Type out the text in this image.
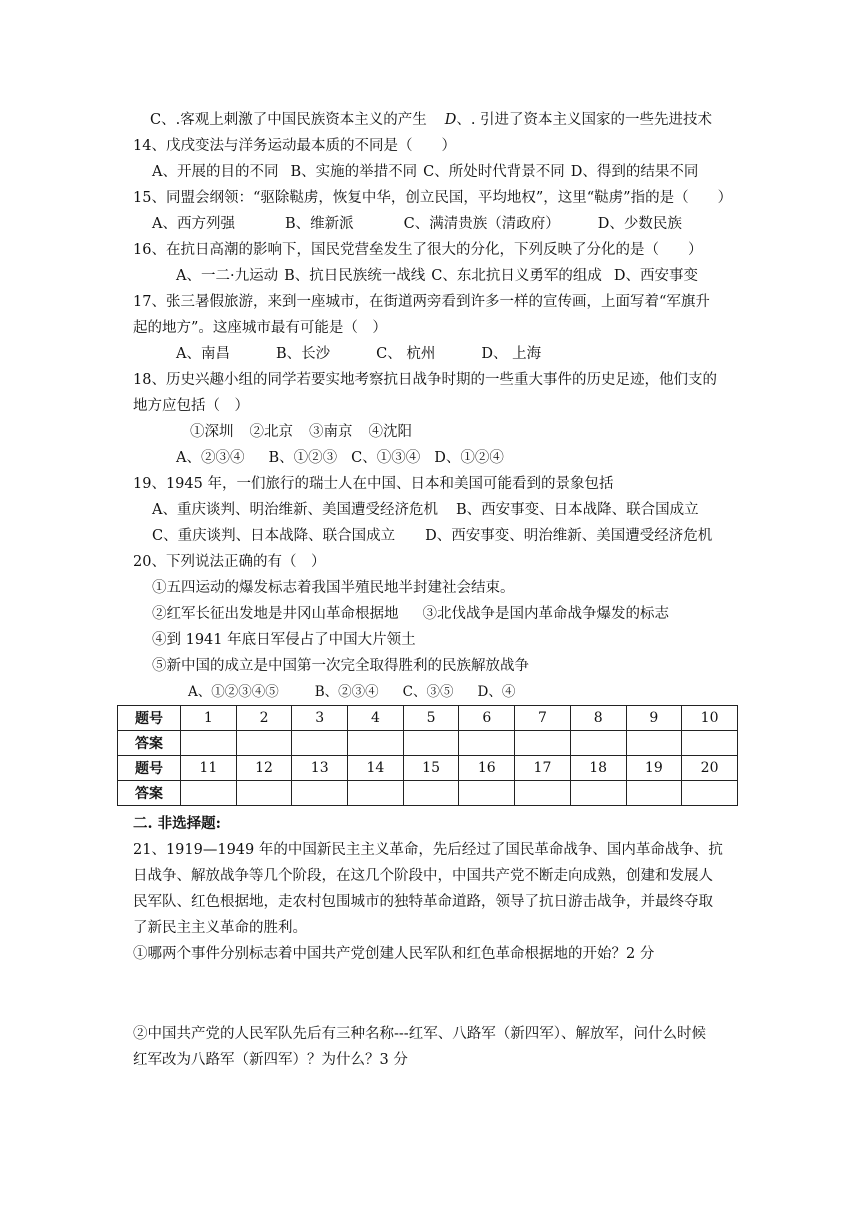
C、.客观上刺激了中国民族资本主义的产生 D、. 引进了资本主义国家的一些先进技术
14、戊戌变法与洋务运动最本质的不同是（　　）
A、开展的目的不同 B、实施的举措不同 C、所处时代背景不同 D、得到的结果不同
15、同盟会纲领：“驱除鞑虏，恢复中华，创立民国，平均地权”，这里“鞑虏”指的是（　　）
A、西方列强	B、维新派	C、满清贵族（清政府）	D、少数民族
16、在抗日高潮的影响下，国民党营垒发生了很大的分化，下列反映了分化的是（　　）
A、一二·九运动 B、抗日民族统一战线 C、东北抗日义勇军的组成 D、西安事变
17、张三暑假旅游，来到一座城市，在街道两旁看到许多一样的宣传画，上面写着“军旗升
起的地方”。这座城市最有可能是（　）
A、南昌	B、长沙	C、 杭州	D、 上海
18、历史兴趣小组的同学若要实地考察抗日战争时期的一些重大事件的历史足迹，他们支的
地方应包括（　）
①深圳 ②北京 ③南京 ④沈阳
A、②③④ B、①②③ C、①③④ D、①②④
19、1945 年，一们旅行的瑞士人在中国、日本和美国可能看到的景象包括
A、重庆谈判、明治维新、美国遭受经济危机 B、西安事变、日本战降、联合国成立
C、重庆谈判、日本战降、联合国成立 D、西安事变、明治维新、美国遭受经济危机
20、下列说法正确的有（　）
①五四运动的爆发标志着我国半殖民地半封建社会结束。
②红军长征出发地是井冈山革命根据地 ③北伐战争是国内革命战争爆发的标志
④到 1941 年底日军侵占了中国大片领土
⑤新中国的成立是中国第一次完全取得胜利的民族解放战争
A、①②③④⑤	B、②③④ C、③⑤ D、④
题号	1	2	3	4	5	6	7	8	9	10
答案										
题号	11	12	13	14	15	16	17	18	19	20
答案										
二. 非选择题:
21、1919—1949 年的中国新民主主义革命，先后经过了国民革命战争、国内革命战争、抗
日战争、解放战争等几个阶段，在这几个阶段中，中国共产党不断走向成熟，创建和发展人
民军队、红色根据地，走农村包围城市的独特革命道路，领导了抗日游击战争，并最终夺取
了新民主主义革命的胜利。
①哪两个事件分别标志着中国共产党创建人民军队和红色革命根据地的开始？2 分
②中国共产党的人民军队先后有三种名称---红军、八路军（新四军）、解放军，问什么时候
红军改为八路军（新四军）？为什么？3 分
